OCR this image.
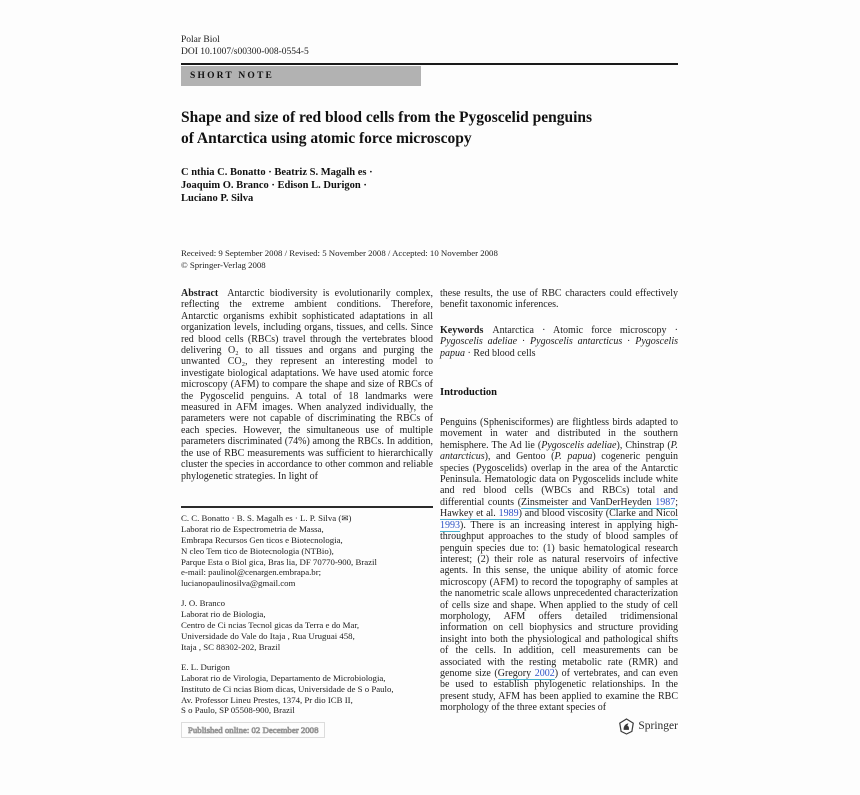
Polar Biol
DOI 10.1007/s00300-008-0554-5
SHORT NOTE
Shape and size of red blood cells from the Pygoscelid penguins
of Antarctica using atomic force microscopy
C nthia C. Bonatto · Beatriz S. Magalh es ·
Joaquim O. Branco · Edison L. Durigon ·
Luciano P. Silva
Received: 9 September 2008 / Revised: 5 November 2008 / Accepted: 10 November 2008
© Springer-Verlag 2008

Abstract Antarctic biodiversity is evolutionarily complex, reflecting the extreme ambient conditions. Therefore, Antarctic organisms exhibit sophisticated adaptations in all organization levels, including organs, tissues, and cells. Since red blood cells (RBCs) travel through the vertebrates blood delivering O₂ to all tissues and organs and purging the unwanted CO₂, they represent an interesting model to investigate biological adaptations. We have used atomic force microscopy (AFM) to compare the shape and size of RBCs of the Pygoscelid penguins. A total of 18 landmarks were measured in AFM images. When analyzed individually, the parameters were not capable of discriminating the RBCs of each species. However, the simultaneous use of multiple parameters discriminated (74%) among the RBCs. In addition, the use of RBC measurements was sufficient to hierarchically cluster the species in accordance to other common and reliable phylogenetic strategies. In light of

C. C. Bonatto · B. S. Magalh es · L. P. Silva (✉)
Laborat rio de Espectrometria de Massa,
Embrapa Recursos Gen ticos e Biotecnologia,
N cleo Tem tico de Biotecnologia (NTBio),
Parque Esta o Biol gica, Bras lia, DF 70770-900, Brazil
e-mail: paulinol@cenargen.embrapa.br;
lucianopaulinosilva@gmail.com

J. O. Branco
Laborat rio de Biologia,
Centro de Ci ncias Tecnol gicas da Terra e do Mar,
Universidade do Vale do Itaja , Rua Uruguai 458,
Itaja , SC 88302-202, Brazil

E. L. Durigon
Laborat rio de Virologia, Departamento de Microbiologia,
Instituto de Ci ncias Biom dicas, Universidade de S o Paulo,
Av. Professor Lineu Prestes, 1374, Pr dio ICB II,
S o Paulo, SP 05508-900, Brazil

Published online: 02 December 2008

these results, the use of RBC characters could effectively benefit taxonomic inferences.

Keywords Antarctica · Atomic force microscopy · Pygoscelis adeliae · Pygoscelis antarcticus · Pygoscelis papua · Red blood cells

Introduction

Penguins (Sphenisciformes) are flightless birds adapted to movement in water and distributed in the southern hemisphere. The Ad lie (Pygoscelis adeliae), Chinstrap (P. antarcticus), and Gentoo (P. papua) cogeneric penguin species (Pygoscelids) overlap in the area of the Antarctic Peninsula. Hematologic data on Pygoscelids include white and red blood cells (WBCs and RBCs) total and differential counts (Zinsmeister and VanDerHeyden 1987; Hawkey et al. 1989) and blood viscosity (Clarke and Nicol 1993). There is an increasing interest in applying high-throughput approaches to the study of blood samples of penguin species due to: (1) basic hematological research interest; (2) their role as natural reservoirs of infective agents. In this sense, the unique ability of atomic force microscopy (AFM) to record the topography of samples at the nanometric scale allows unprecedented characterization of cells size and shape. When applied to the study of cell morphology, AFM offers detailed tridimensional information on cell biophysics and structure providing insight into both the physiological and pathological shifts of the cells. In addition, cell measurements can be associated with the resting metabolic rate (RMR) and genome size (Gregory 2002) of vertebrates, and can even be used to establish phylogenetic relationships. In the present study, AFM has been applied to examine the RBC morphology of the three extant species of

Springer
